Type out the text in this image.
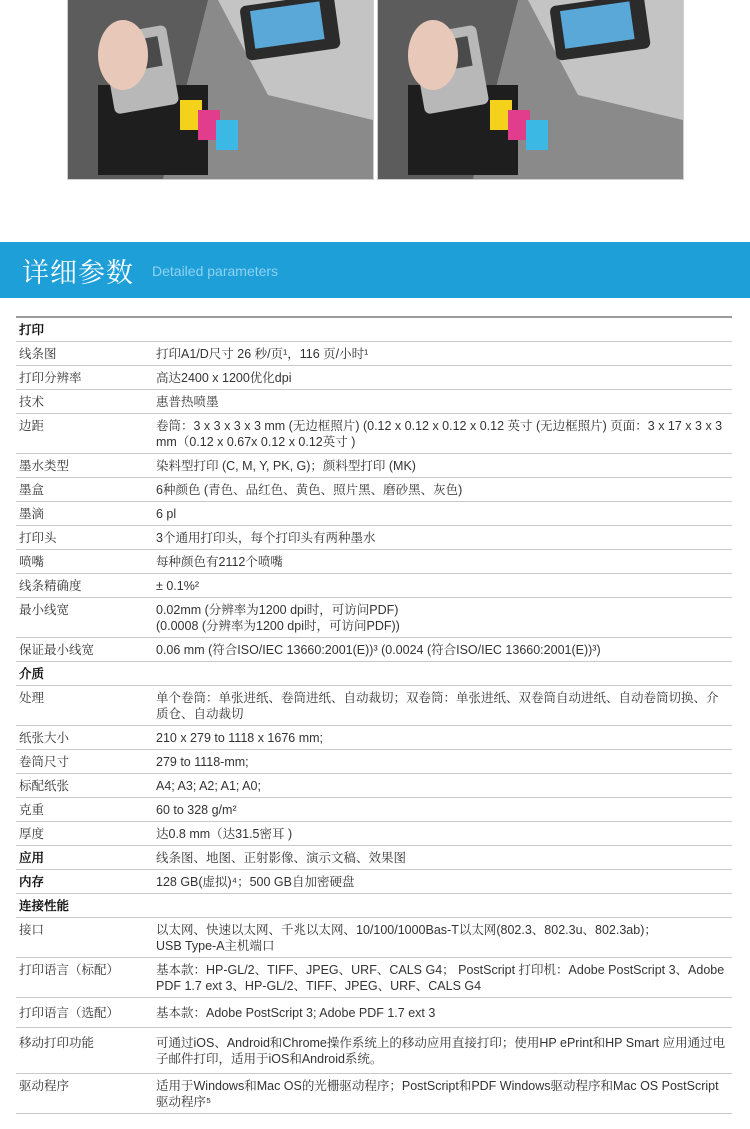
详细参数 Detailed parameters
打印	
线条图	打印A1/D尺寸 26 秒/页¹，116 页/小时¹
打印分辨率	高达2400 x 1200优化dpi
技术	惠普热喷墨
边距	卷筒：3 x 3 x 3 x 3 mm (无边框照片) (0.12 x 0.12 x 0.12 x 0.12 英寸 (无边框照片) 页面：3 x 17 x 3 x 3 mm（0.12 x 0.67x 0.12 x 0.12英寸 )
墨水类型	染料型打印 (C, M, Y, PK, G)；颜料型打印 (MK)
墨盒	6种颜色 (青色、品红色、黄色、照片黑、磨砂黑、灰色)
墨滴	6 pl
打印头	3个通用打印头，每个打印头有两种墨水
喷嘴	每种颜色有2112个喷嘴
线条精确度	± 0.1%²
最小线宽	0.02mm (分辨率为1200 dpi时，可访问PDF)
(0.0008 (分辨率为1200 dpi时，可访问PDF))
保证最小线宽	0.06 mm (符合ISO/IEC 13660:2001(E))³ (0.0024 (符合ISO/IEC 13660:2001(E))³)
介质	
处理	单个卷筒：单张进纸、卷筒进纸、自动裁切；双卷筒：单张进纸、双卷筒自动进纸、自动卷筒切换、介质仓、自动裁切
纸张大小	210 x 279 to 1118 x 1676 mm;
卷筒尺寸	279 to 1118-mm;
标配纸张	A4; A3; A2; A1; A0;
克重	60 to 328 g/m²
厚度	达0.8 mm（达31.5密耳 )
应用	线条图、地图、正射影像、演示文稿、效果图
内存	128 GB(虚拟)⁴；500 GB自加密硬盘
连接性能	
接口	以太网、快速以太网、千兆以太网、10/100/1000Bas-T以太网(802.3、802.3u、802.3ab)；
USB Type-A主机端口
打印语言（标配）	基本款：HP-GL/2、TIFF、JPEG、URF、CALS G4； PostScript 打印机：Adobe PostScript 3、Adobe PDF 1.7 ext 3、HP-GL/2、TIFF、JPEG、URF、CALS G4
打印语言（选配）	基本款：Adobe PostScript 3; Adobe PDF 1.7 ext 3
移动打印功能	可通过iOS、Android和Chrome操作系统上的移动应用直接打印；使用HP ePrint和HP Smart 应用通过电子邮件打印，适用于iOS和Android系统。
驱动程序	适用于Windows和Mac OS的光栅驱动程序；PostScript和PDF Windows驱动程序和Mac OS PostScript 驱动程序⁵
